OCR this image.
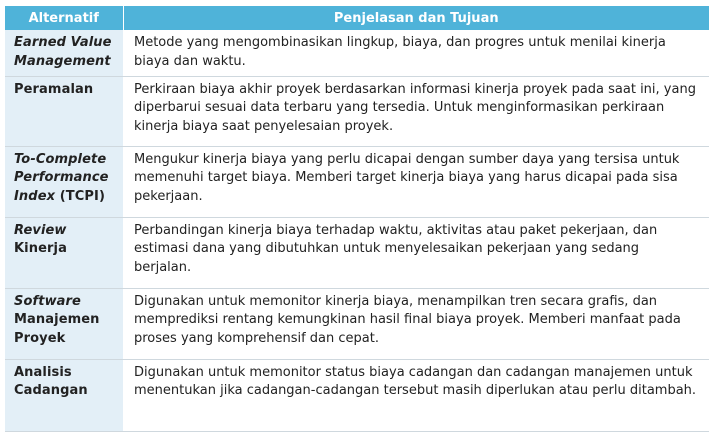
Alternatif	Penjelasan dan Tujuan
Earned Value Management	Metode yang mengombinasikan lingkup, biaya, dan progres untuk menilai kinerja biaya dan waktu.
Peramalan	Perkiraan biaya akhir proyek berdasarkan informasi kinerja proyek pada saat ini, yang diperbarui sesuai data terbaru yang tersedia. Untuk menginformasikan perkiraan kinerja biaya saat penyelesaian proyek.
To-Complete Performance Index (TCPI)	Mengukur kinerja biaya yang perlu dicapai dengan sumber daya yang tersisa untuk memenuhi target biaya. Memberi target kinerja biaya yang harus dicapai pada sisa pekerjaan.
Review Kinerja	Perbandingan kinerja biaya terhadap waktu, aktivitas atau paket pekerjaan, dan estimasi dana yang dibutuhkan untuk menyelesaikan pekerjaan yang sedang berjalan.
Software Manajemen Proyek	Digunakan untuk memonitor kinerja biaya, menampilkan tren secara grafis, dan memprediksi rentang kemungkinan hasil final biaya proyek. Memberi manfaat pada proses yang komprehensif dan cepat.
Analisis Cadangan	Digunakan untuk memonitor status biaya cadangan dan cadangan manajemen untuk menentukan jika cadangan-cadangan tersebut masih diperlukan atau perlu ditambah.
